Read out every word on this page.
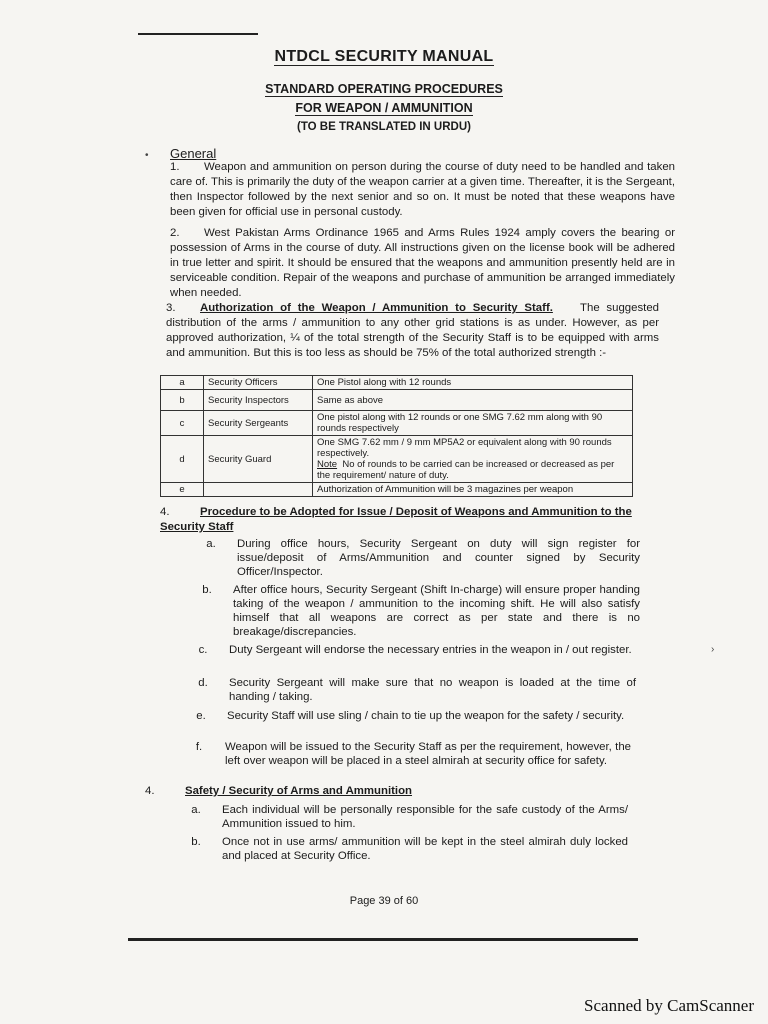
NTDCL SECURITY MANUAL
STANDARD OPERATING PROCEDURES
FOR WEAPON / AMMUNITION
(TO BE TRANSLATED IN URDU)
General

1. Weapon and ammunition on person during the course of duty need to be handled and taken care of. This is primarily the duty of the weapon carrier at a given time. Thereafter, it is the Sergeant, then Inspector followed by the next senior and so on. It must be noted that these weapons have been given for official use in personal custody.

2. West Pakistan Arms Ordinance 1965 and Arms Rules 1924 amply covers the bearing or possession of Arms in the course of duty. All instructions given on the license book will be adhered in true letter and spirit. It should be ensured that the weapons and ammunition presently held are in serviceable condition. Repair of the weapons and purchase of ammunition be arranged immediately when needed.

3. Authorization of the Weapon / Ammunition to Security Staff. The suggested distribution of the arms / ammunition to any other grid stations is as under. However, as per approved authorization, ¼ of the total strength of the Security Staff is to be equipped with arms and ammunition. But this is too less as should be 75% of the total authorized strength :-

a	Security Officers	One Pistol along with 12 rounds
b	Security Inspectors	Same as above
c	Security Sergeants	One pistol along with 12 rounds or one SMG 7.62 mm along with 90 rounds respectively
d	Security Guard	One SMG 7.62 mm / 9 mm MP5A2 or equivalent along with 90 rounds respectively.
Note No of rounds to be carried can be increased or decreased as per the requirement/ nature of duty.
e		Authorization of Ammunition will be 3 magazines per weapon

4.	Procedure to be Adopted for Issue / Deposit of Weapons and Ammunition to the Security Staff

a.	During office hours, Security Sergeant on duty will sign register for issue/deposit of Arms/Ammunition and counter signed by Security Officer/Inspector.

b.	After office hours, Security Sergeant (Shift In-charge) will ensure proper handing taking of the weapon / ammunition to the incoming shift. He will also satisfy himself that all weapons are correct as per state and there is no breakage/discrepancies.

c.	Duty Sergeant will endorse the necessary entries in the weapon in / out register.

d.	Security Sergeant will make sure that no weapon is loaded at the time of handing / taking.

e.	Security Staff will use sling / chain to tie up the weapon for the safety / security.

f.	Weapon will be issued to the Security Staff as per the requirement, however, the left over weapon will be placed in a steel almirah at security office for safety.

4.	Safety / Security of Arms and Ammunition

a.	Each individual will be personally responsible for the safe custody of the Arms/ Ammunition issued to him.

b.	Once not in use arms/ ammunition will be kept in the steel almirah duly locked and placed at Security Office.

Page 39 of 60
•
›
Scanned by CamScanner
